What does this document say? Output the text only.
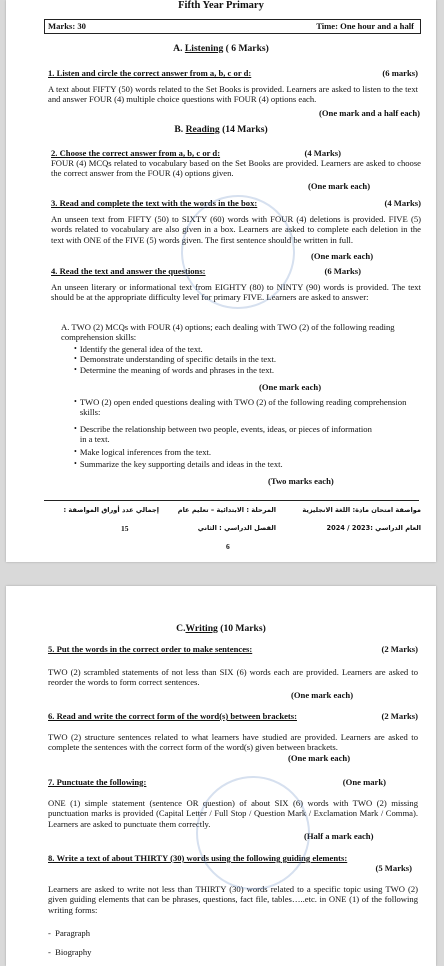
Fifth Year Primary
Marks: 30	Time: One hour and a half
A. Listening ( 6 Marks)
1. Listen and circle the correct answer from a, b, c or d:	(6 marks)
A text about FIFTY (50) words related to the Set Books is provided. Learners are asked to listen to the text and answer FOUR (4) multiple choice questions with FOUR (4) options each.
(One mark and a half each)
B. Reading (14 Marks)
2. Choose the correct answer from a, b, c or d:	(4 Marks)
FOUR (4) MCQs related to vocabulary based on the Set Books are provided. Learners are asked to choose the correct answer from the FOUR (4) options given.
(One mark each)
3. Read and complete the text with the words in the box:	(4 Marks)
An unseen text from FIFTY (50) to SIXTY (60) words with FOUR (4) deletions is provided. FIVE (5) words related to vocabulary are also given in a box. Learners are asked to complete each deletion in the text with ONE of the FIVE (5) words given. The first sentence should be written in full.
(One mark each)
4. Read the text and answer the questions:	(6 Marks)
An unseen literary or informational text from EIGHTY (80) to NINTY (90) words is provided. The text should be at the appropriate difficulty level for primary FIVE. Learners are asked to answer:
A. TWO (2) MCQs with FOUR (4) options; each dealing with TWO (2) of the following reading comprehension skills:
• Identify the general idea of the text.
• Demonstrate understanding of specific details in the text.
• Determine the meaning of words and phrases in the text.
(One mark each)
• TWO (2) open ended questions dealing with TWO (2) of the following reading comprehension skills:
• Describe the relationship between two people, events, ideas, or pieces of information in a text.
• Make logical inferences from the text.
• Summarize the key supporting details and ideas in the text.
(Two marks each)
مواصفة امتحان مادة: اللغة الانجليزية
المرحلة : الابتدائية – تعليم عام
إجمالي عدد أوراق المواصفة :
العام الدراسي :2023 / 2024
الفصل الدراسي : الثاني
15
6
C.Writing (10 Marks)
5. Put the words in the correct order to make sentences:	(2 Marks)
TWO (2) scrambled statements of not less than SIX (6) words each are provided. Learners are asked to reorder the words to form correct sentences.
(One mark each)
6. Read and write the correct form of the word(s) between brackets:	(2 Marks)
TWO (2) structure sentences related to what learners have studied are provided. Learners are asked to complete the sentences with the correct form of the word(s) given between brackets.
(One mark each)
7. Punctuate the following:	(One mark)
ONE (1) simple statement (sentence OR question) of about SIX (6) words with TWO (2) missing punctuation marks is provided (Capital Letter / Full Stop / Question Mark / Exclamation Mark / Comma). Learners are asked to punctuate them correctly.
(Half a mark each)
8. Write a text of about THIRTY (30) words using the following guiding elements:
(5 Marks)
Learners are asked to write not less than THIRTY (30) words related to a specific topic using TWO (2) given guiding elements that can be phrases, questions, fact file, tables…..etc. in ONE (1) of the following writing forms:
-  Paragraph
-  Biography
